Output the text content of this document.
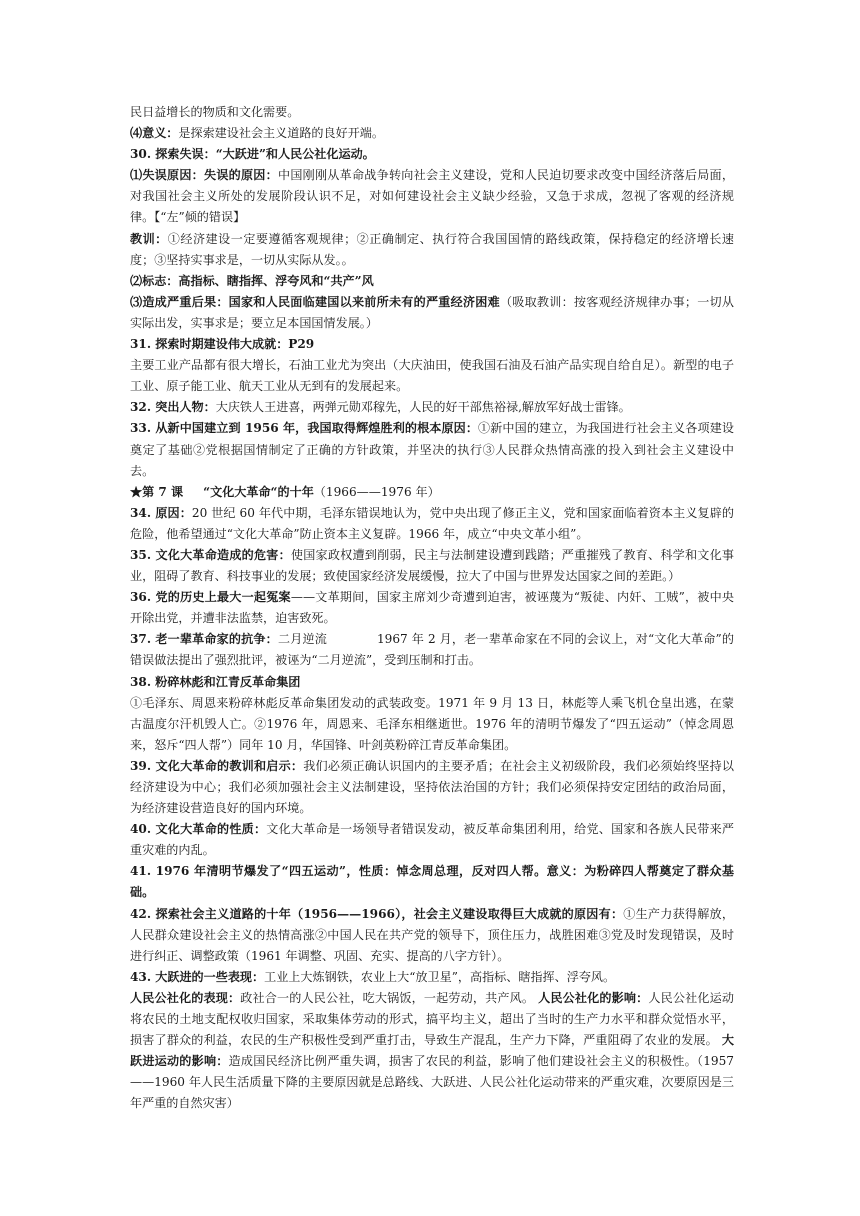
民日益增长的物质和文化需要。

⑷意义：是探索建设社会主义道路的良好开端。

30. 探索失误：“大跃进”和人民公社化运动。

⑴失误原因：失误的原因：中国刚刚从革命战争转向社会主义建设，党和人民迫切要求改变中国经济落后局面，对我国社会主义所处的发展阶段认识不足，对如何建设社会主义缺少经验，又急于求成，忽视了客观的经济规律。【“左”倾的错误】

教训：①经济建设一定要遵循客观规律；②正确制定、执行符合我国国情的路线政策，保持稳定的经济增长速度；③坚持实事求是，一切从实际从发。。

⑵标志：高指标、瞎指挥、浮夸风和“共产”风

⑶造成严重后果：国家和人民面临建国以来前所未有的严重经济困难（吸取教训：按客观经济规律办事；一切从实际出发，实事求是；要立足本国国情发展。）

31. 探索时期建设伟大成就：P29

主要工业产品都有很大增长，石油工业尤为突出（大庆油田，使我国石油及石油产品实现自给自足）。新型的电子工业、原子能工业、航天工业从无到有的发展起来。

32. 突出人物：大庆铁人王进喜，两弹元勋邓稼先，人民的好干部焦裕禄,解放军好战士雷锋。

33. 从新中国建立到 1956 年，我国取得辉煌胜利的根本原因：①新中国的建立，为我国进行社会主义各项建设奠定了基础②党根据国情制定了正确的方针政策，并坚决的执行③人民群众热情高涨的投入到社会主义建设中去。

★第 7 课 “文化大革命“的十年（1966——1976 年）

34. 原因：20 世纪 60 年代中期，毛泽东错误地认为，党中央出现了修正主义，党和国家面临着资本主义复辟的危险，他希望通过“文化大革命”防止资本主义复辟。1966 年，成立“中央文革小组”。

35. 文化大革命造成的危害：使国家政权遭到削弱，民主与法制建设遭到践踏；严重摧残了教育、科学和文化事业，阻碍了教育、科技事业的发展；致使国家经济发展缓慢，拉大了中国与世界发达国家之间的差距。）

36. 党的历史上最大一起冤案——文革期间，国家主席刘少奇遭到迫害，被诬蔑为“叛徒、内奸、工贼”，被中央开除出党，并遭非法监禁，迫害致死。

37. 老一辈革命家的抗争：二月逆流	1967 年 2 月，老一辈革命家在不同的会议上，对“文化大革命”的错误做法提出了强烈批评，被诬为“二月逆流”，受到压制和打击。

38. 粉碎林彪和江青反革命集团

①毛泽东、周恩来粉碎林彪反革命集团发动的武装政变。1971 年 9 月 13 日，林彪等人乘飞机仓皇出逃，在蒙古温度尔汗机毁人亡。②1976 年，周恩来、毛泽东相继逝世。1976 年的清明节爆发了“四五运动”（悼念周恩来，怒斥“四人帮”）同年 10 月，华国锋、叶剑英粉碎江青反革命集团。

39. 文化大革命的教训和启示：我们必须正确认识国内的主要矛盾；在社会主义初级阶段，我们必须始终坚持以经济建设为中心；我们必须加强社会主义法制建设，坚持依法治国的方针；我们必须保持安定团结的政治局面，为经济建设营造良好的国内环境。

40. 文化大革命的性质：文化大革命是一场领导者错误发动，被反革命集团利用，给党、国家和各族人民带来严重灾难的内乱。

41. 1976 年清明节爆发了“四五运动”，性质：悼念周总理，反对四人帮。意义：为粉碎四人帮奠定了群众基础。

42. 探索社会主义道路的十年（1956——1966），社会主义建设取得巨大成就的原因有：①生产力获得解放，人民群众建设社会主义的热情高涨②中国人民在共产党的领导下，顶住压力，战胜困难③党及时发现错误，及时进行纠正、调整政策（1961 年调整、巩固、充实、提高的八字方针）。

43. 大跃进的一些表现：工业上大炼钢铁，农业上大“放卫星”，高指标、瞎指挥、浮夸风。

人民公社化的表现：政社合一的人民公社，吃大锅饭，一起劳动，共产风。 人民公社化的影响：人民公社化运动将农民的土地支配权收归国家，采取集体劳动的形式，搞平均主义，超出了当时的生产力水平和群众觉悟水平，损害了群众的利益，农民的生产积极性受到严重打击，导致生产混乱，生产力下降，严重阻碍了农业的发展。 大跃进运动的影响：造成国民经济比例严重失调，损害了农民的利益，影响了他们建设社会主义的积极性。（1957——1960 年人民生活质量下降的主要原因就是总路线、大跃进、人民公社化运动带来的严重灾难，次要原因是三年严重的自然灾害）
